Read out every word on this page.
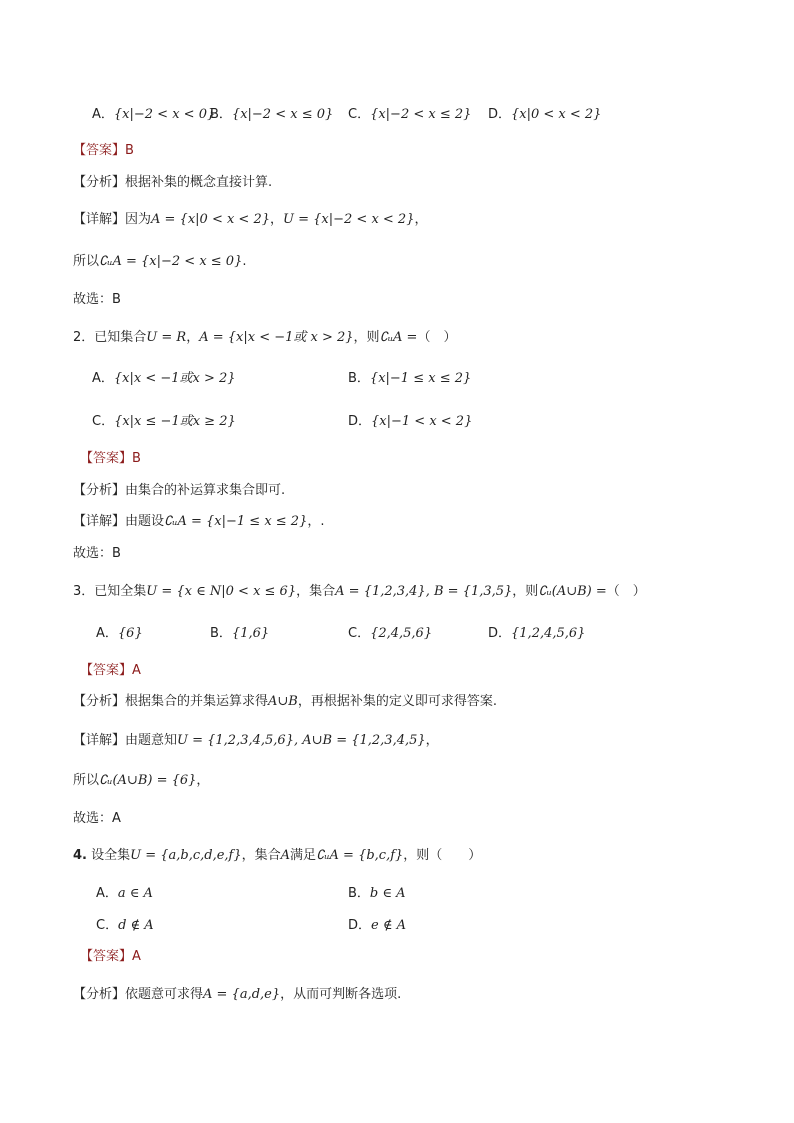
A．{x|−2 < x < 0}
B．{x|−2 < x ≤ 0} C．{x|−2 < x ≤ 2} D．{x|0 < x < 2}
【答案】B
【分析】根据补集的概念直接计算.
【详解】因为A = {x|0 < x < 2}，U = {x|−2 < x < 2}，
所以∁ᵤA = {x|−2 < x ≤ 0}.
故选：B
2．已知集合U = R，A = {x|x < −1或 x > 2}，则∁ᵤA =（　）
A．{x|x < −1或x > 2}	B．{x|−1 ≤ x ≤ 2}
C．{x|x ≤ −1或x ≥ 2}	D．{x|−1 < x < 2}
【答案】B
【分析】由集合的补运算求集合即可.
【详解】由题设∁ᵤA = {x|−1 ≤ x ≤ 2}，.
故选：B
3．已知全集U = {x ∈ N|0 < x ≤ 6}，集合A = {1,2,3,4}, B = {1,3,5}，则∁ᵤ(A∪B) =（　）
A．{6}	B．{1,6}	C．{2,4,5,6}	D．{1,2,4,5,6}
【答案】A
【分析】根据集合的并集运算求得A∪B，再根据补集的定义即可求得答案.
【详解】由题意知U = {1,2,3,4,5,6}, A∪B = {1,2,3,4,5}，
所以∁ᵤ(A∪B) = {6}，
故选：A
4. 设全集U = {a,b,c,d,e,f}，集合A满足∁ᵤA = {b,c,f}，则（　　）
A．a ∈ A	B．b ∈ A
C．d ∉ A	D．e ∉ A
【答案】A
【分析】依题意可求得A = {a,d,e}，从而可判断各选项.
